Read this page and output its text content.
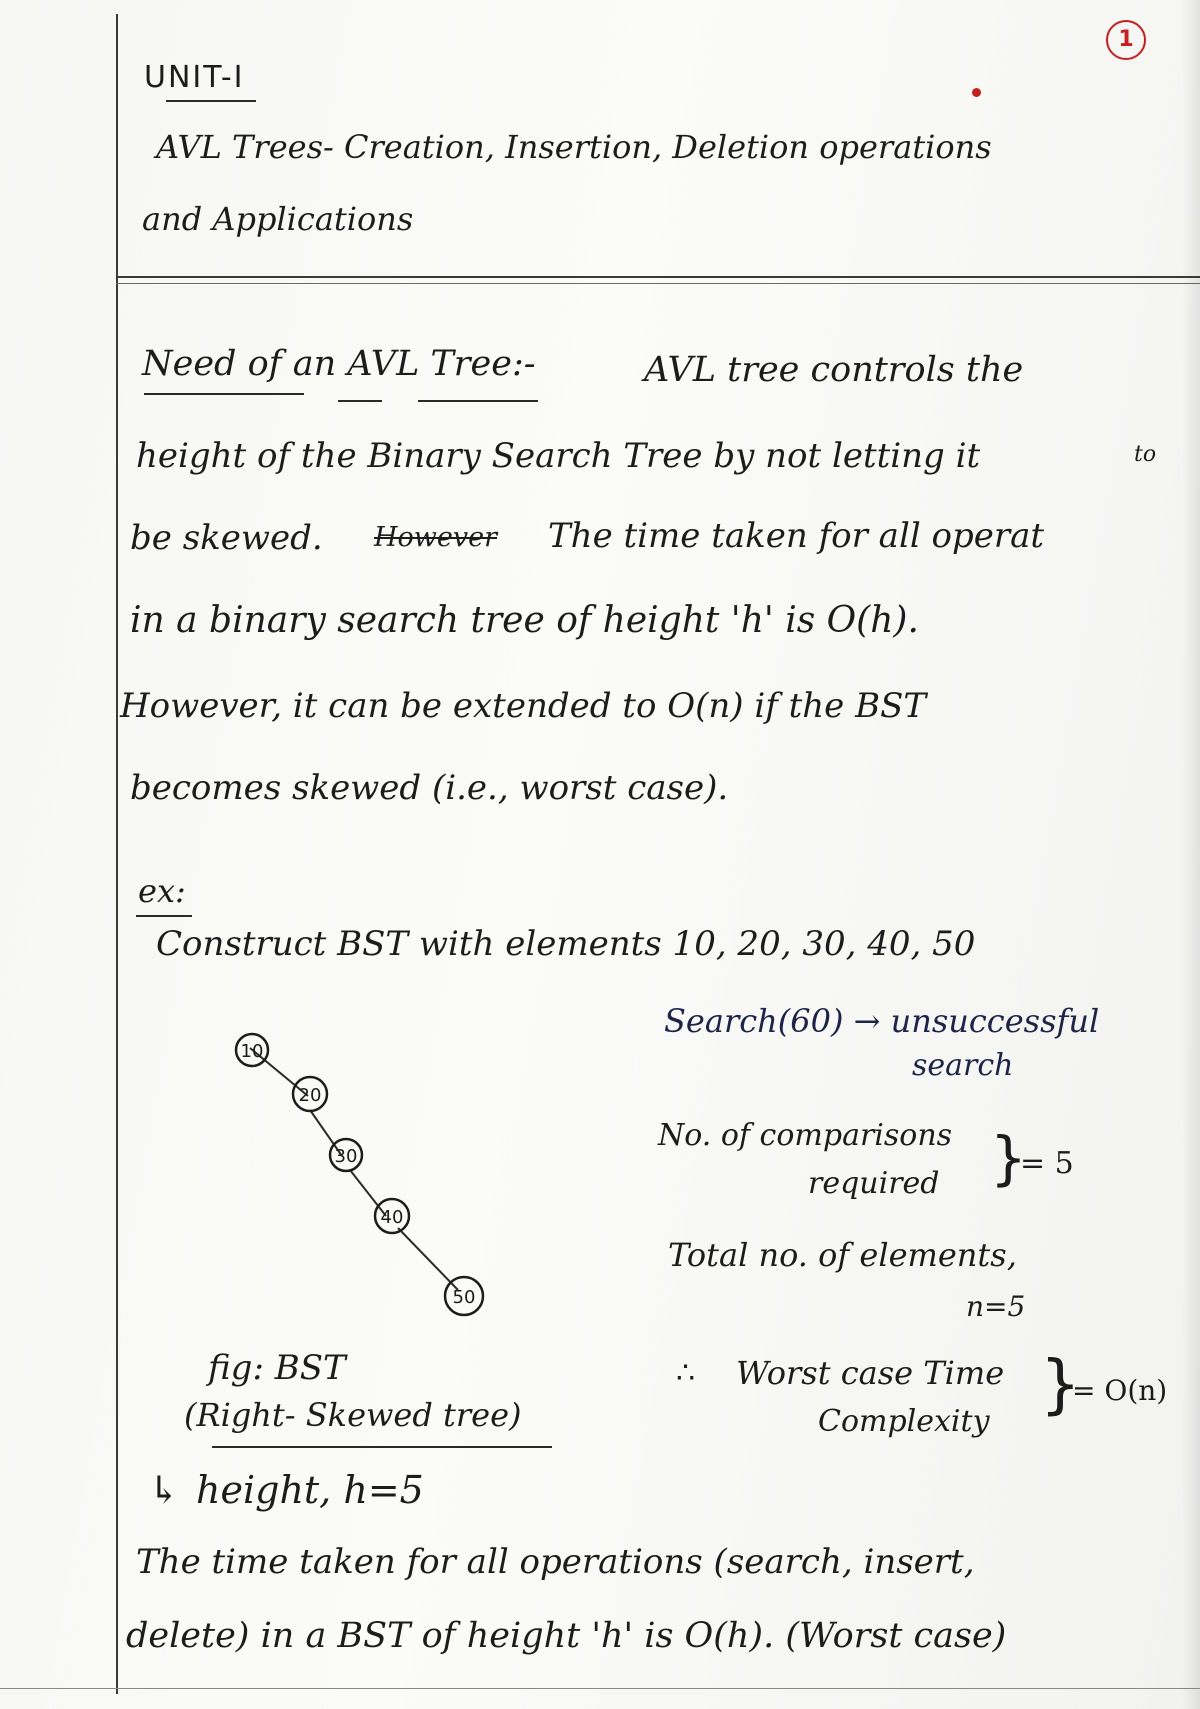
1
UNIT-I
AVL Trees- Creation, Insertion, Deletion operations
and Applications
Need of an AVL Tree:-	AVL tree controls the
height of the Binary Search Tree by not letting it	to
be skewed. However The time taken for all operat
in a binary search tree of height 'h' is O(h).
However, it can be extended to O(n) if the BST
becomes skewed (i.e., worst case).
ex:
Construct BST with elements 10, 20, 30, 40, 50
Search(60) → unsuccessful
search
No. of comparisons
required }
= 5
Total no. of elements,
n=5
∴ Worst case Time
Complexity }
= O(n)
10
20
30
40
50
fig: BST
(Right- Skewed tree)
↳ height, h=5
The time taken for all operations (search, insert,
delete) in a BST of height 'h' is O(h). (Worst case)
